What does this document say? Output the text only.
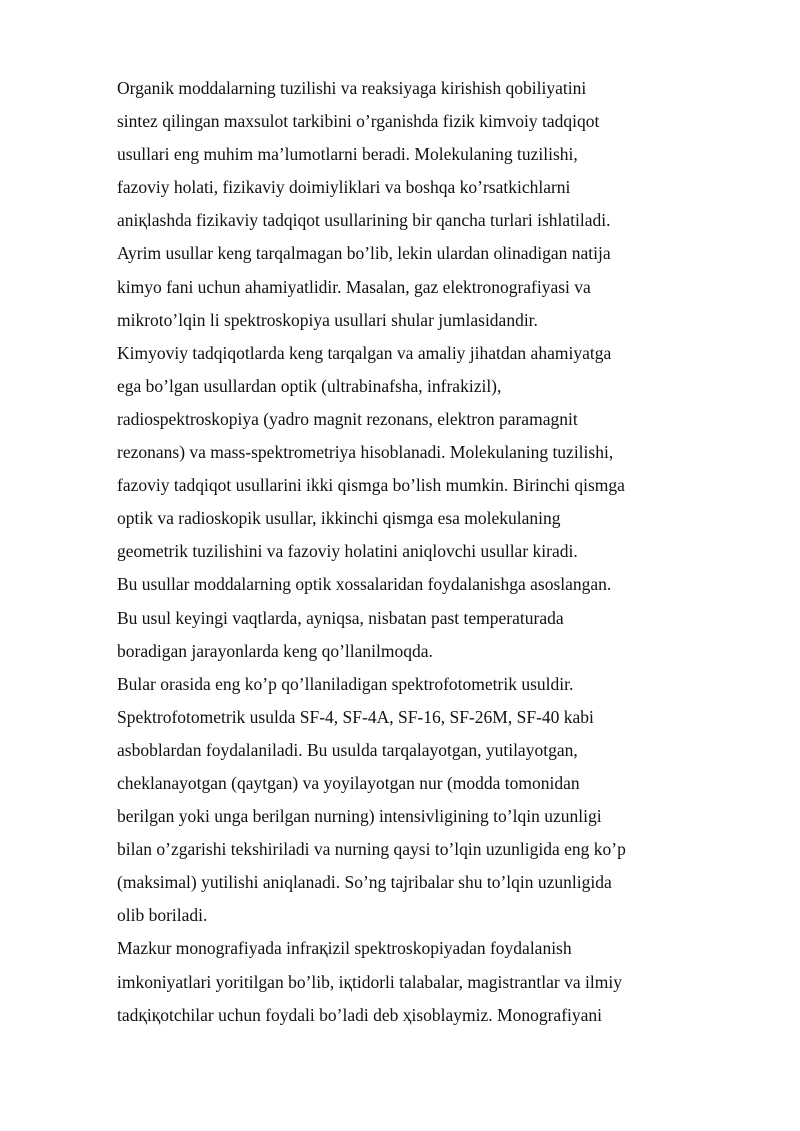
Organik moddalarning tuzilishi va reaksiyaga kirishish qobiliyatini
sintez qilingan maxsulot tarkibini o’rganishda fizik kimvoiy tadqiqot
usullari eng muhim ma’lumotlarni beradi. Molekulaning tuzilishi,
fazoviy holati, fizikaviy doimiyliklari va boshqa ko’rsatkichlarni
aniқlashda fizikaviy tadqiqot usullarining bir qancha turlari ishlatiladi.
Ayrim usullar keng tarqalmagan bo’lib, lekin ulardan olinadigan natija
kimyo fani uchun ahamiyatlidir. Masalan, gaz elektronografiyasi va
mikroto’lqin li spektroskopiya usullari shular jumlasidandir.
Kimyoviy tadqiqotlarda keng tarqalgan va amaliy jihatdan ahamiyatga
ega bo’lgan usullardan optik (ultrabinafsha, infrakizil),
radiospektroskopiya (yadro magnit rezonans, elektron paramagnit
rezonans) va mass-spektrometriya hisoblanadi. Molekulaning tuzilishi,
fazoviy tadqiqot usullarini ikki qismga bo’lish mumkin. Birinchi qismga
optik va radioskopik usullar, ikkinchi qismga esa molekulaning
geometrik tuzilishini va fazoviy holatini aniqlovchi usullar kiradi.
Bu usullar moddalarning optik xossalaridan foydalanishga asoslangan.
Bu usul keyingi vaqtlarda, ayniqsa, nisbatan past temperaturada
boradigan jarayonlarda keng qo’llanilmoqda.
Bular orasida eng ko’p qo’llaniladigan spektrofotometrik usuldir.
Spektrofotometrik usulda SF-4, SF-4A, SF-16, SF-26M, SF-40 kabi
asboblardan foydalaniladi. Bu usulda tarqalayotgan, yutilayotgan,
cheklanayotgan (qaytgan) va yoyilayotgan nur (modda tomonidan
berilgan yoki unga berilgan nurning) intensivligining to’lqin uzunligi
bilan o’zgarishi tekshiriladi va nurning qaysi to’lqin uzunligida eng ko’p
(maksimal) yutilishi aniqlanadi. So’ng tajribalar shu to’lqin uzunligida
olib boriladi.
Mazkur monografiyada infraқizil spektroskopiyadan foydalanish
imkoniyatlari yoritilgan bo’lib, iқtidorli talabalar, magistrantlar va ilmiy
tadқiқotchilar uchun foydali bo’ladi deb ҳisoblaymiz. Monografiyani
